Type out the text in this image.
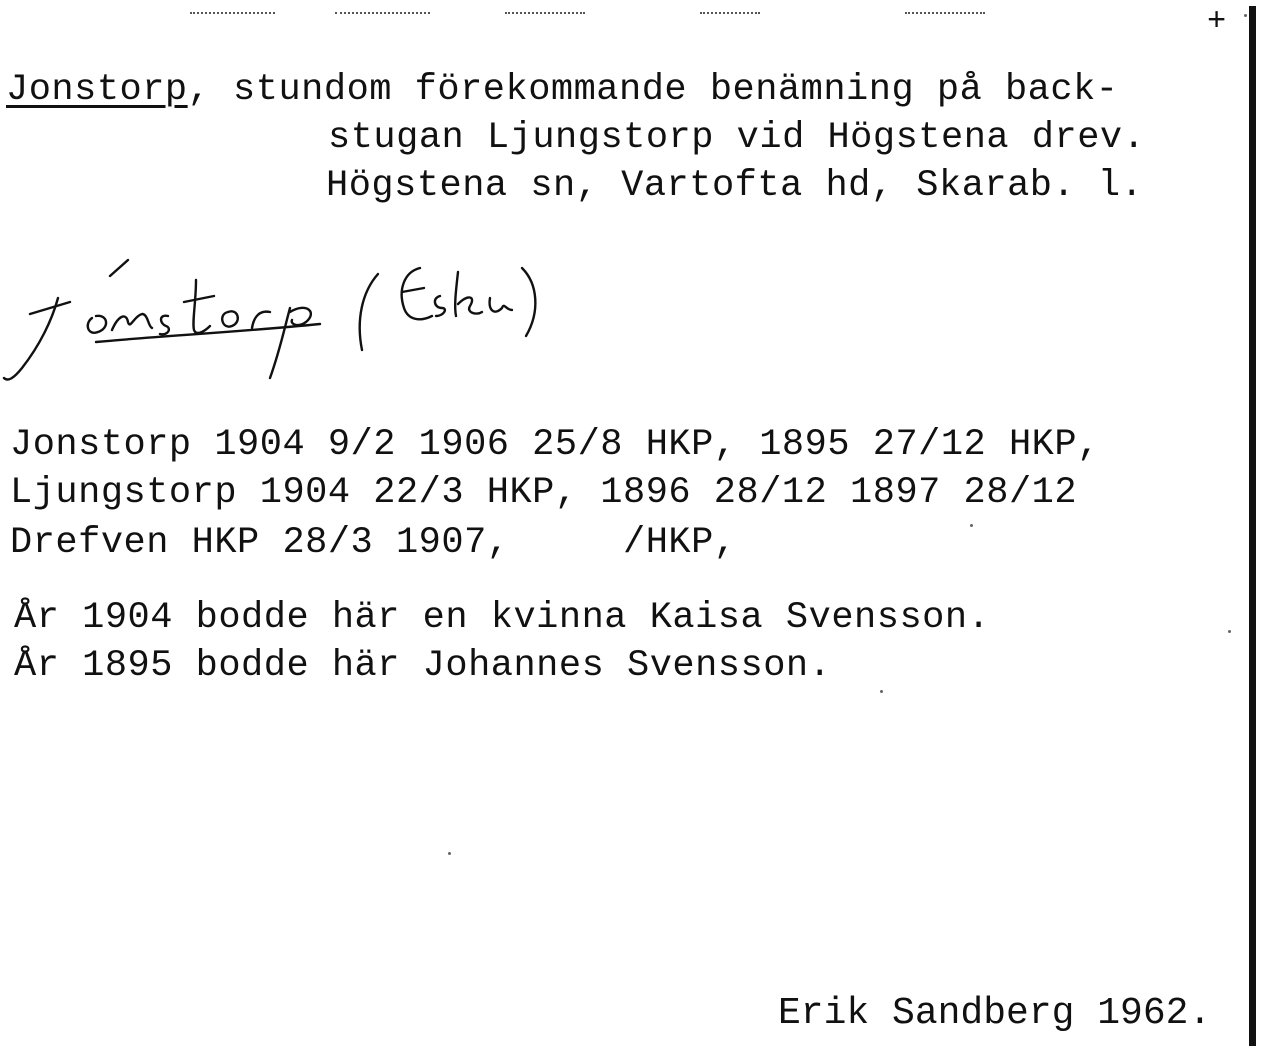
+
Jonstorp, stundom förekommande benämning på back-
stugan Ljungstorp vid Högstena drev.
Högstena sn, Vartofta hd, Skarab. l.
Jonstorp 1904 9/2 1906 25/8 HKP, 1895 27/12 HKP,
Ljungstorp 1904 22/3 HKP, 1896 28/12 1897 28/12
Drefven HKP 28/3 1907,     /HKP,
År 1904 bodde här en kvinna Kaisa Svensson.
År 1895 bodde här Johannes Svensson.
Erik Sandberg 1962.
